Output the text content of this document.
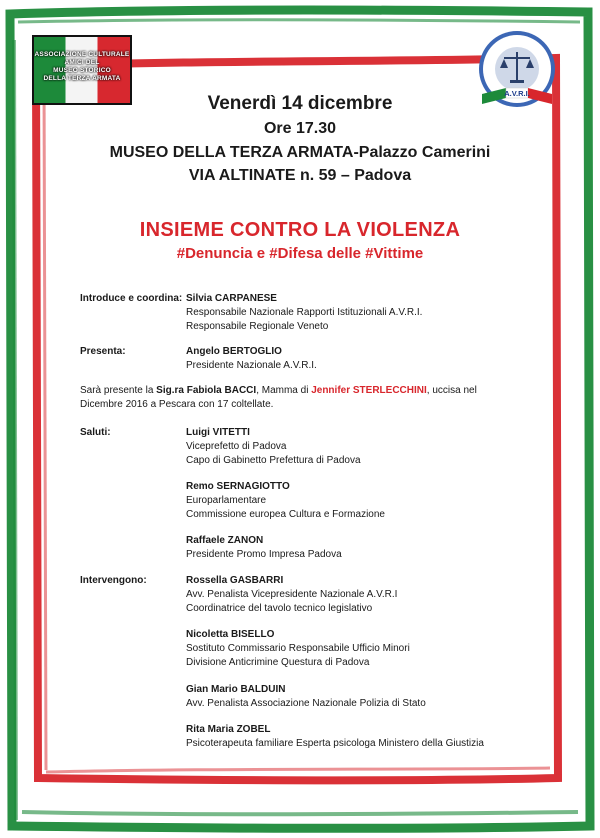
ASSOCIAZIONE CULTURALE
AMICI DEL
MUSEO STORICO
DELLA TERZA ARMATA
Associazione Vittime Omicidi
A.V.R.I.
Venerdì 14 dicembre
Ore 17.30
MUSEO DELLA TERZA ARMATA-Palazzo Camerini
VIA ALTINATE n. 59 – Padova
INSIEME CONTRO LA VIOLENZA
#Denuncia e #Difesa delle #Vittime
Introduce e coordina: Silvia CARPANESE
Responsabile Nazionale Rapporti Istituzionali A.V.R.I.
Responsabile Regionale Veneto
Presenta:	Angelo BERTOGLIO
Presidente Nazionale A.V.R.I.
Sarà presente la Sig.ra Fabiola BACCI, Mamma di Jennifer STERLECCHINI, uccisa nel
Dicembre 2016 a Pescara con 17 coltellate.
Saluti:	Luigi VITETTI
Viceprefetto di Padova
Capo di Gabinetto Prefettura di Padova
Remo SERNAGIOTTO
Europarlamentare
Commissione europea Cultura e Formazione
Raffaele ZANON
Presidente Promo Impresa Padova
Intervengono:	Rossella GASBARRI
Avv. Penalista Vicepresidente Nazionale A.V.R.I
Coordinatrice del tavolo tecnico legislativo
Nicoletta BISELLO
Sostituto Commissario Responsabile Ufficio Minori
Divisione Anticrimine Questura di Padova
Gian Mario BALDUIN
Avv. Penalista Associazione Nazionale Polizia di Stato
Rita Maria ZOBEL
Psicoterapeuta familiare Esperta psicologa Ministero della Giustizia
